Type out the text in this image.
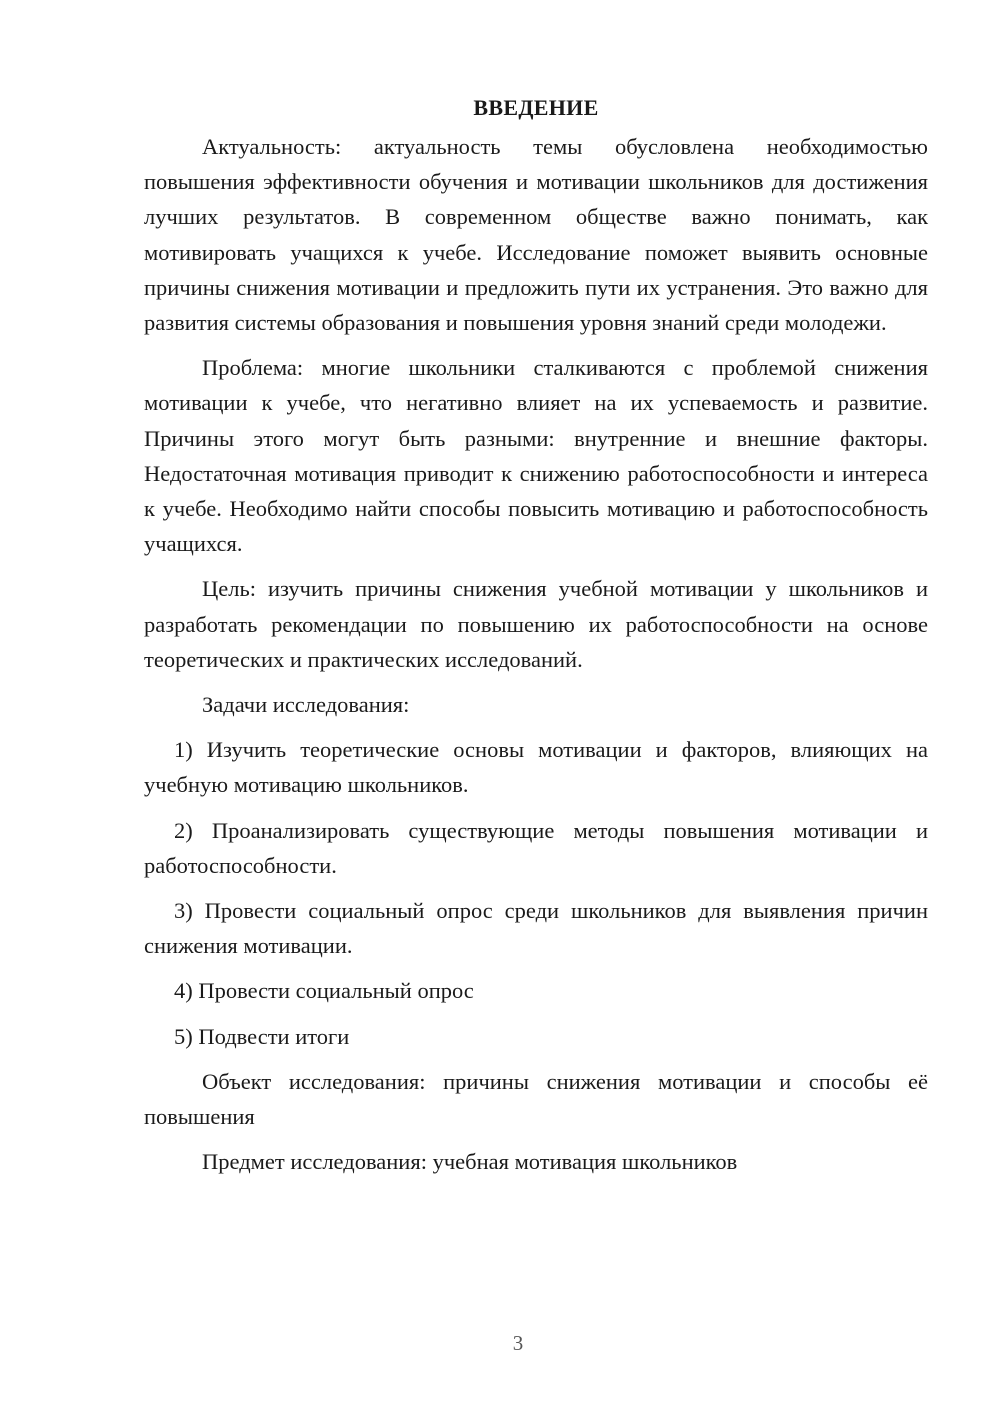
ВВЕДЕНИЕ

Актуальность: актуальность темы обусловлена необходимостью повышения эффективности обучения и мотивации школьников для достижения лучших результатов. В современном обществе важно понимать, как мотивировать учащихся к учебе. Исследование поможет выявить основные причины снижения мотивации и предложить пути их устранения. Это важно для развития системы образования и повышения уровня знаний среди молодежи.

Проблема: многие школьники сталкиваются с проблемой снижения мотивации к учебе, что негативно влияет на их успеваемость и развитие. Причины этого могут быть разными: внутренние и внешние факторы. Недостаточная мотивация приводит к снижению работоспособности и интереса к учебе. Необходимо найти способы повысить мотивацию и работоспособность учащихся.

Цель: изучить причины снижения учебной мотивации у школьников и разработать рекомендации по повышению их работоспособности на основе теоретических и практических исследований.

Задачи исследования:

1) Изучить теоретические основы мотивации и факторов, влияющих на учебную мотивацию школьников.

2) Проанализировать существующие методы повышения мотивации и работоспособности.

3) Провести социальный опрос среди школьников для выявления причин снижения мотивации.

4) Провести социальный опрос

5) Подвести итоги

Объект исследования: причины снижения мотивации и способы её повышения

Предмет исследования: учебная мотивация школьников

3
